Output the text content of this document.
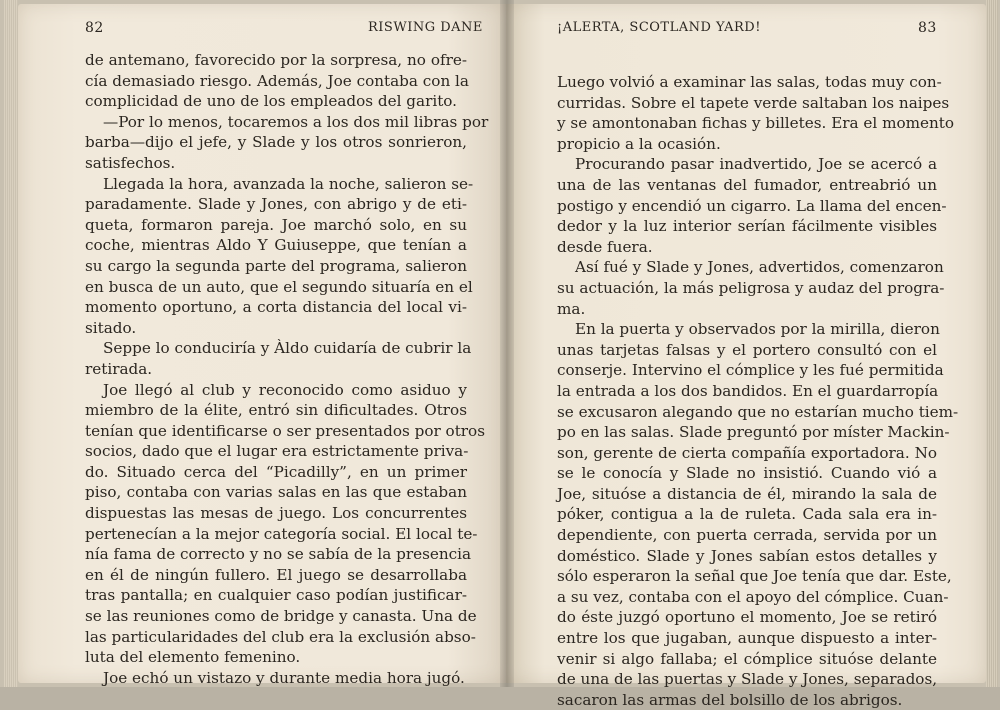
82	RISWING DANE	¡ALERTA, SCOTLAND YARD!	83
de antemano, favorecido por la sorpresa, no ofre-
cía demasiado riesgo. Además, Joe contaba con la
complicidad de uno de los empleados del garito.
—Por lo menos, tocaremos a los dos mil libras por
barba—dijo el jefe, y Slade y los otros sonrieron,
satisfechos.
Llegada la hora, avanzada la noche, salieron se-
paradamente. Slade y Jones, con abrigo y de eti-
queta, formaron pareja. Joe marchó solo, en su
coche, mientras Aldo Y Guiuseppe, que tenían a
su cargo la segunda parte del programa, salieron
en busca de un auto, que el segundo situaría en el
momento oportuno, a corta distancia del local vi-
sitado.
Seppe lo conduciría y Àldo cuidaría de cubrir la
retirada.
Joe llegó al club y reconocido como asiduo y
miembro de la élite, entró sin dificultades. Otros
tenían que identificarse o ser presentados por otros
socios, dado que el lugar era estrictamente priva-
do. Situado cerca del “Picadilly”, en un primer
piso, contaba con varias salas en las que estaban
dispuestas las mesas de juego. Los concurrentes
pertenecían a la mejor categoría social. El local te-
nía fama de correcto y no se sabía de la presencia
en él de ningún fullero. El juego se desarrollaba
tras pantalla; en cualquier caso podían justificar-
se las reuniones como de bridge y canasta. Una de
las particularidades del club era la exclusión abso-
luta del elemento femenino.
Joe echó un vistazo y durante media hora jugó.
Luego volvió a examinar las salas, todas muy con-
curridas. Sobre el tapete verde saltaban los naipes
y se amontonaban fichas y billetes. Era el momento
propicio a la ocasión.
Procurando pasar inadvertido, Joe se acercó a
una de las ventanas del fumador, entreabrió un
postigo y encendió un cigarro. La llama del encen-
dedor y la luz interior serían fácilmente visibles
desde fuera.
Así fué y Slade y Jones, advertidos, comenzaron
su actuación, la más peligrosa y audaz del progra-
ma.
En la puerta y observados por la mirilla, dieron
unas tarjetas falsas y el portero consultó con el
conserje. Intervino el cómplice y les fué permitida
la entrada a los dos bandidos. En el guardarropía
se excusaron alegando que no estarían mucho tiem-
po en las salas. Slade preguntó por míster Mackin-
son, gerente de cierta compañía exportadora. No
se le conocía y Slade no insistió. Cuando vió a
Joe, situóse a distancia de él, mirando la sala de
póker, contigua a la de ruleta. Cada sala era in-
dependiente, con puerta cerrada, servida por un
doméstico. Slade y Jones sabían estos detalles y
sólo esperaron la señal que Joe tenía que dar. Este,
a su vez, contaba con el apoyo del cómplice. Cuan-
do éste juzgó oportuno el momento, Joe se retiró
entre los que jugaban, aunque dispuesto a inter-
venir si algo fallaba; el cómplice situóse delante
de una de las puertas y Slade y Jones, separados,
sacaron las armas del bolsillo de los abrigos.
